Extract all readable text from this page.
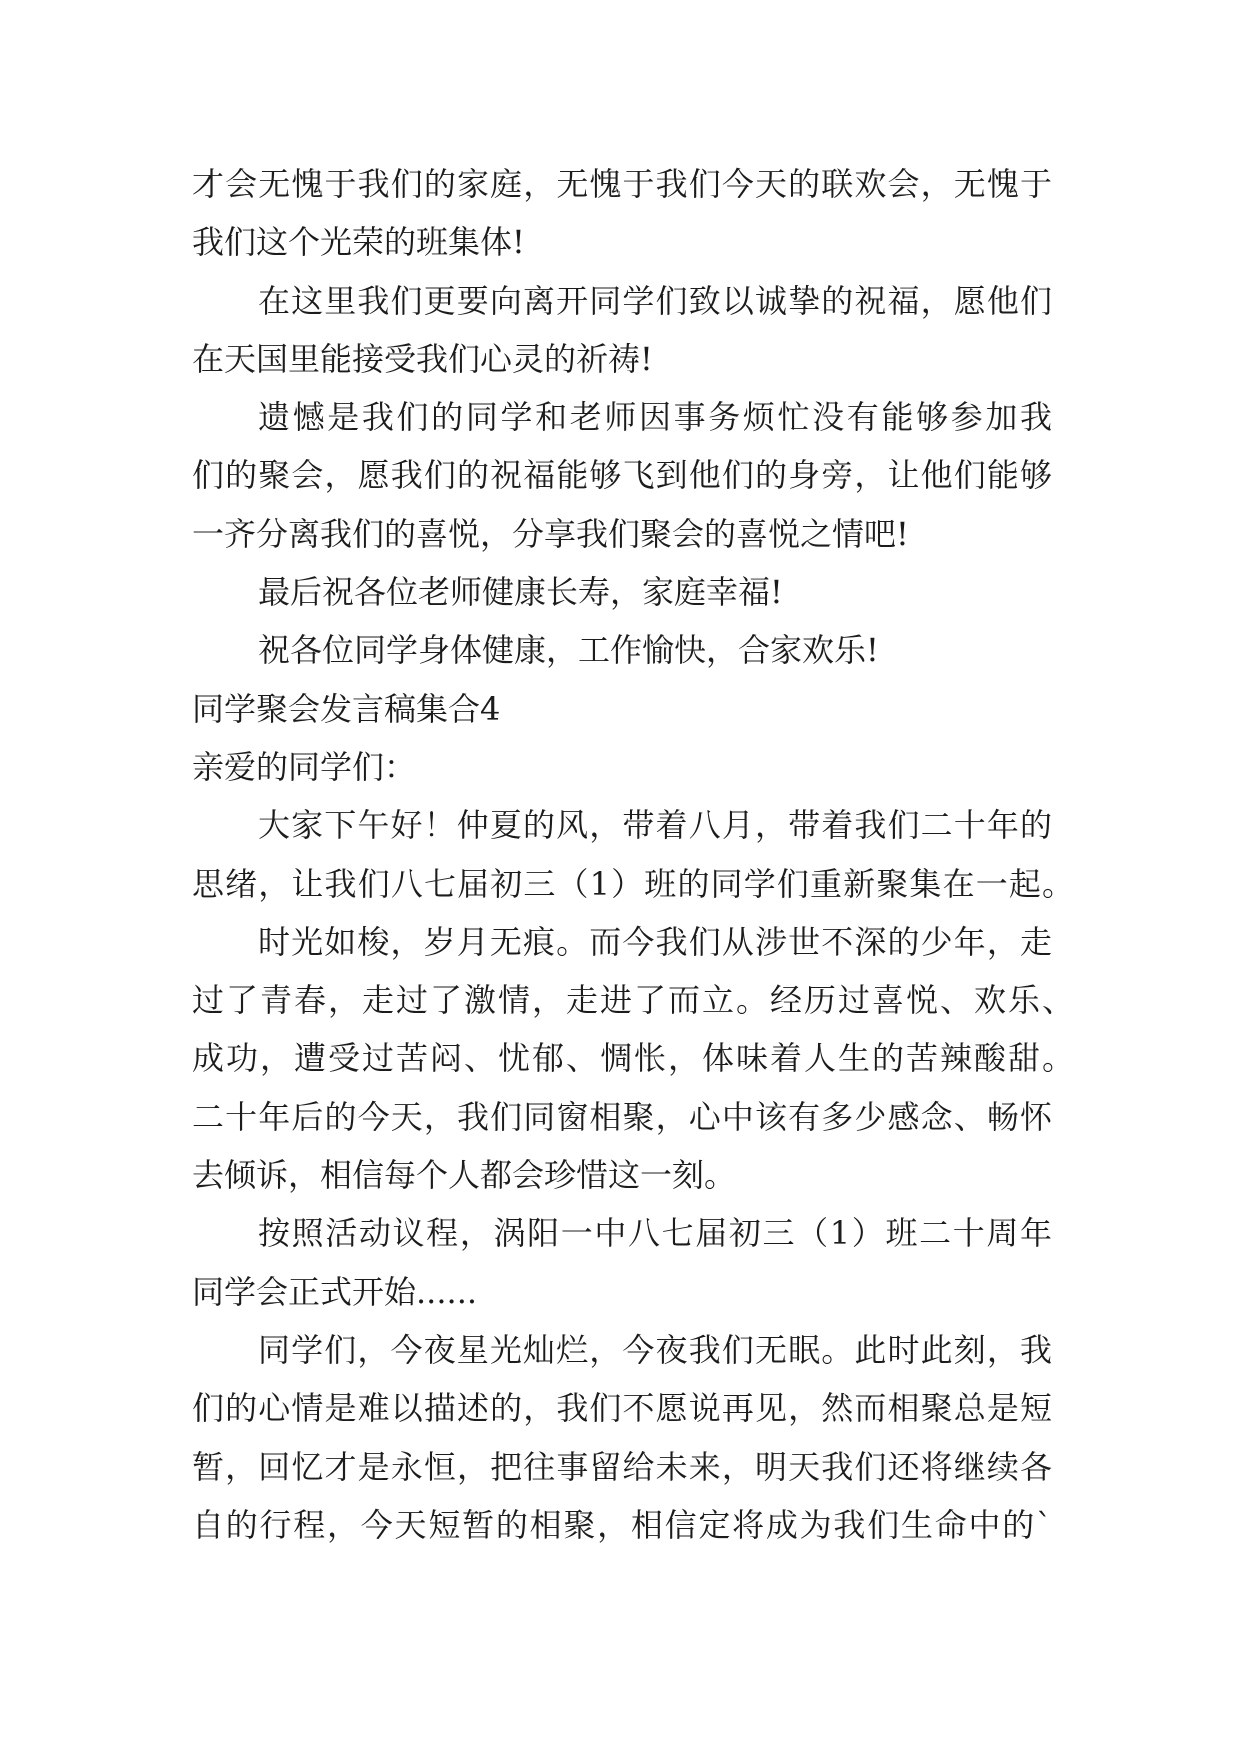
才会无愧于我们的家庭，无愧于我们今天的联欢会，无愧于
我们这个光荣的班集体!
在这里我们更要向离开同学们致以诚挚的祝福，愿他们
在天国里能接受我们心灵的祈祷!
遗憾是我们的同学和老师因事务烦忙没有能够参加我
们的聚会，愿我们的祝福能够飞到他们的身旁，让他们能够
一齐分离我们的喜悦，分享我们聚会的喜悦之情吧!
最后祝各位老师健康长寿，家庭幸福!
祝各位同学身体健康，工作愉快，合家欢乐!
同学聚会发言稿集合4
亲爱的同学们：
大家下午好！仲夏的风，带着八月，带着我们二十年的
思绪，让我们八七届初三（1）班的同学们重新聚集在一起。
时光如梭，岁月无痕。而今我们从涉世不深的少年，走
过了青春，走过了激情，走进了而立。经历过喜悦、欢乐、
成功，遭受过苦闷、忧郁、惆怅，体味着人生的苦辣酸甜。
二十年后的今天，我们同窗相聚，心中该有多少感念、畅怀
去倾诉，相信每个人都会珍惜这一刻。
按照活动议程，涡阳一中八七届初三（1）班二十周年
同学会正式开始......
同学们，今夜星光灿烂，今夜我们无眠。此时此刻，我
们的心情是难以描述的，我们不愿说再见，然而相聚总是短
暂，回忆才是永恒，把往事留给未来，明天我们还将继续各
自的行程，今天短暂的相聚，相信定将成为我们生命中的`
